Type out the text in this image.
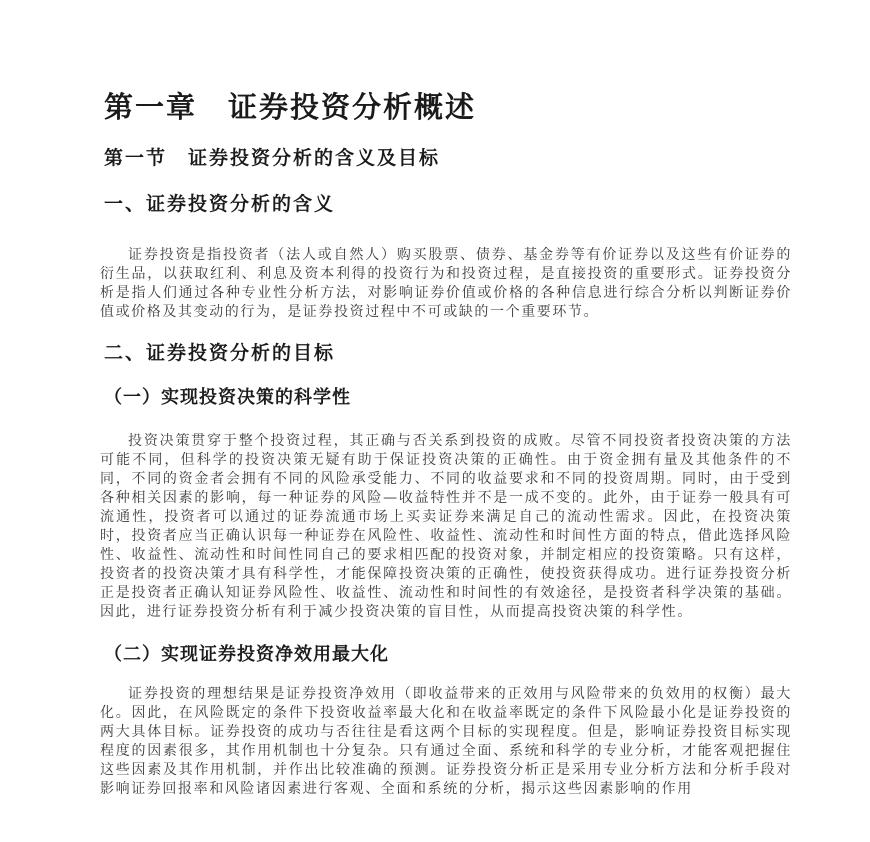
第一章　证券投资分析概述
第一节　证券投资分析的含义及目标
一、证券投资分析的含义

证券投资是指投资者（法人或自然人）购买股票、债券、基金券等有价证券以及这些有价证券的衍生品，以获取红利、利息及资本利得的投资行为和投资过程，是直接投资的重要形式。证券投资分析是指人们通过各种专业性分析方法，对影响证券价值或价格的各种信息进行综合分析以判断证券价值或价格及其变动的行为，是证券投资过程中不可或缺的一个重要环节。

二、证券投资分析的目标
（一）实现投资决策的科学性

投资决策贯穿于整个投资过程，其正确与否关系到投资的成败。尽管不同投资者投资决策的方法可能不同，但科学的投资决策无疑有助于保证投资决策的正确性。由于资金拥有量及其他条件的不同，不同的资金者会拥有不同的风险承受能力、不同的收益要求和不同的投资周期。同时，由于受到各种相关因素的影响，每一种证券的风险—收益特性并不是一成不变的。此外，由于证券一般具有可流通性，投资者可以通过的证券流通市场上买卖证券来满足自己的流动性需求。因此，在投资决策时，投资者应当正确认识每一种证券在风险性、收益性、流动性和时间性方面的特点，借此选择风险性、收益性、流动性和时间性同自己的要求相匹配的投资对象，并制定相应的投资策略。只有这样，投资者的投资决策才具有科学性，才能保障投资决策的正确性，使投资获得成功。进行证券投资分析正是投资者正确认知证券风险性、收益性、流动性和时间性的有效途径，是投资者科学决策的基础。因此，进行证券投资分析有利于减少投资决策的盲目性，从而提高投资决策的科学性。

（二）实现证券投资净效用最大化

证券投资的理想结果是证券投资净效用（即收益带来的正效用与风险带来的负效用的权衡）最大化。因此，在风险既定的条件下投资收益率最大化和在收益率既定的条件下风险最小化是证券投资的两大具体目标。证券投资的成功与否往往是看这两个目标的实现程度。但是，影响证券投资目标实现程度的因素很多，其作用机制也十分复杂。只有通过全面、系统和科学的专业分析，才能客观把握住这些因素及其作用机制，并作出比较准确的预测。证券投资分析正是采用专业分析方法和分析手段对影响证券回报率和风险诸因素进行客观、全面和系统的分析，揭示这些因素影响的作用
